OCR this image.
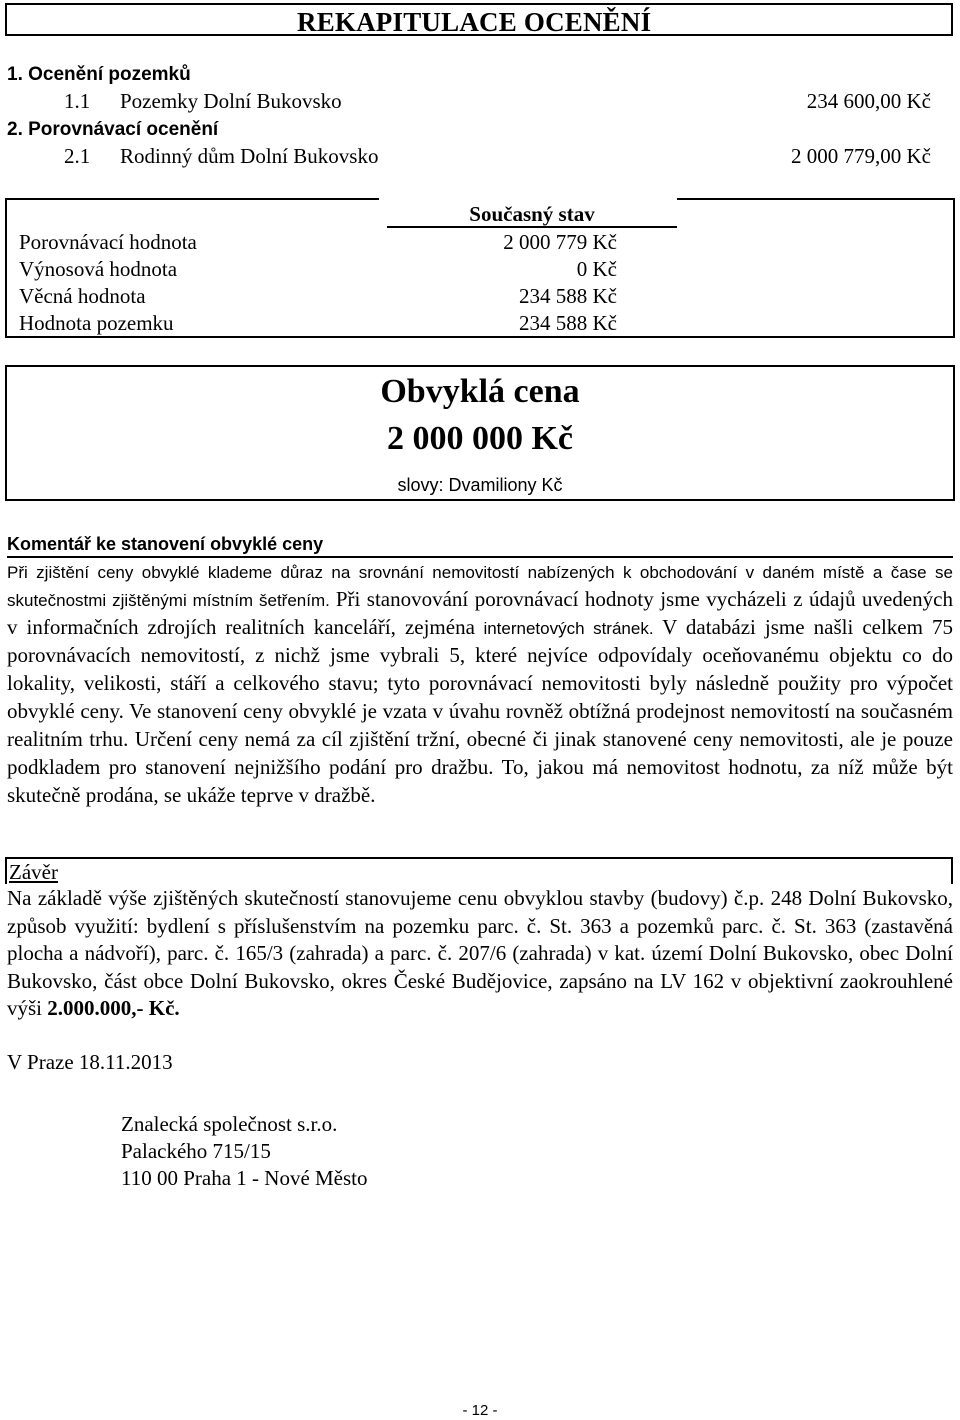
REKAPITULACE OCENĚNÍ
1. Ocenění pozemků
1.1 Pozemky Dolní Bukovsko	234 600,00 Kč
2. Porovnávací ocenění
2.1 Rodinný dům Dolní Bukovsko	2 000 779,00 Kč
Současný stav
Porovnávací hodnota	2 000 779 Kč
Výnosová hodnota	0 Kč
Věcná hodnota	234 588 Kč
Hodnota pozemku	234 588 Kč
Obvyklá cena
2 000 000 Kč
slovy: Dvamiliony Kč
Komentář ke stanovení obvyklé ceny
Při zjištění ceny obvyklé klademe důraz na srovnání nemovitostí nabízených k obchodování v daném místě a čase se skutečnostmi zjištěnými místním šetřením. Při stanovování porovnávací hodnoty jsme vycházeli z údajů uvedených v informačních zdrojích realitních kanceláří, zejména internetových stránek. V databázi jsme našli celkem 75 porovnávacích nemovitostí, z nichž jsme vybrali 5, které nejvíce odpovídaly oceňovanému objektu co do lokality, velikosti, stáří a celkového stavu; tyto porovnávací nemovitosti byly následně použity pro výpočet obvyklé ceny. Ve stanovení ceny obvyklé je vzata v úvahu rovněž obtížná prodejnost nemovitostí na současném realitním trhu. Určení ceny nemá za cíl zjištění tržní, obecné či jinak stanovené ceny nemovitosti, ale je pouze podkladem pro stanovení nejnižšího podání pro dražbu. To, jakou má nemovitost hodnotu, za níž může být skutečně prodána, se ukáže teprve v dražbě.
Závěr
Na základě výše zjištěných skutečností stanovujeme cenu obvyklou stavby (budovy) č.p. 248 Dolní Bukovsko, způsob využití: bydlení s příslušenstvím na pozemku parc. č. St. 363 a pozemků parc. č. St. 363 (zastavěná plocha a nádvoří), parc. č. 165/3 (zahrada) a parc. č. 207/6 (zahrada) v kat. území Dolní Bukovsko, obec Dolní Bukovsko, část obce Dolní Bukovsko, okres České Budějovice, zapsáno na LV 162 v objektivní zaokrouhlené výši 2.000.000,- Kč.
V Praze 18.11.2013
Znalecká společnost s.r.o.
Palackého 715/15
110 00 Praha 1 - Nové Město
- 12 -
